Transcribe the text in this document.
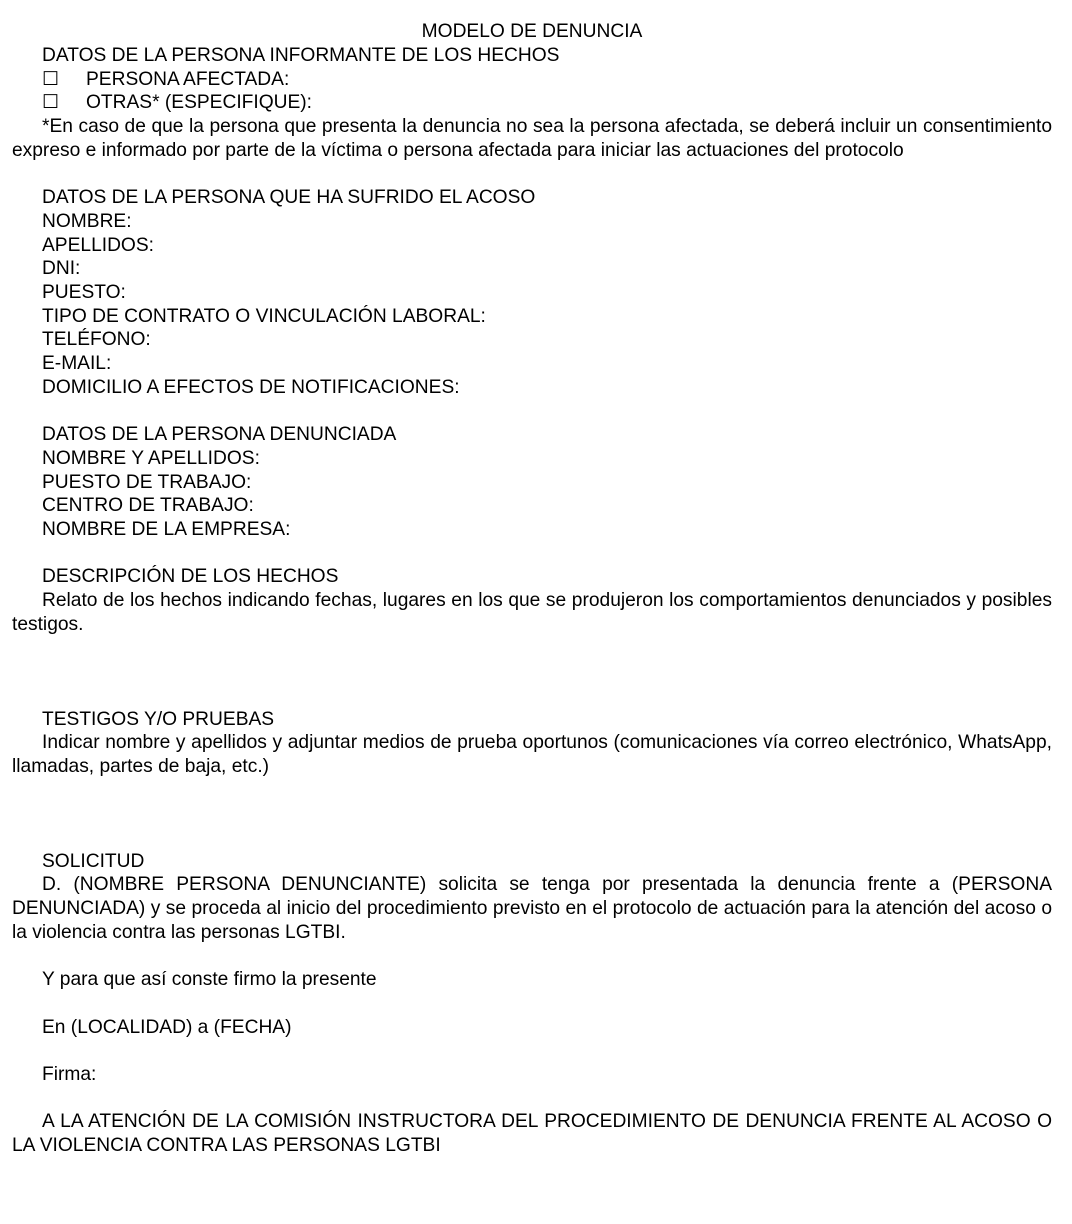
MODELO DE DENUNCIA
DATOS DE LA PERSONA INFORMANTE DE LOS HECHOS
☐ PERSONA AFECTADA:
☐ OTRAS* (ESPECIFIQUE):
*En caso de que la persona que presenta la denuncia no sea la persona afectada, se deberá incluir un consentimiento expreso e informado por parte de la víctima o persona afectada para iniciar las actuaciones del protocolo
DATOS DE LA PERSONA QUE HA SUFRIDO EL ACOSO
NOMBRE:
APELLIDOS:
DNI:
PUESTO:
TIPO DE CONTRATO O VINCULACIÓN LABORAL:
TELÉFONO:
E-MAIL:
DOMICILIO A EFECTOS DE NOTIFICACIONES:
DATOS DE LA PERSONA DENUNCIADA
NOMBRE Y APELLIDOS:
PUESTO DE TRABAJO:
CENTRO DE TRABAJO:
NOMBRE DE LA EMPRESA:
DESCRIPCIÓN DE LOS HECHOS
Relato de los hechos indicando fechas, lugares en los que se produjeron los comportamientos denunciados y posibles testigos.
TESTIGOS Y/O PRUEBAS
Indicar nombre y apellidos y adjuntar medios de prueba oportunos (comunicaciones vía correo electrónico, WhatsApp, llamadas, partes de baja, etc.)
SOLICITUD
D. (NOMBRE PERSONA DENUNCIANTE) solicita se tenga por presentada la denuncia frente a (PERSONA DENUNCIADA) y se proceda al inicio del procedimiento previsto en el protocolo de actuación para la atención del acoso o la violencia contra las personas LGTBI.
Y para que así conste firmo la presente
En (LOCALIDAD) a (FECHA)
Firma:
A LA ATENCIÓN DE LA COMISIÓN INSTRUCTORA DEL PROCEDIMIENTO DE DENUNCIA FRENTE AL ACOSO O LA VIOLENCIA CONTRA LAS PERSONAS LGTBI
